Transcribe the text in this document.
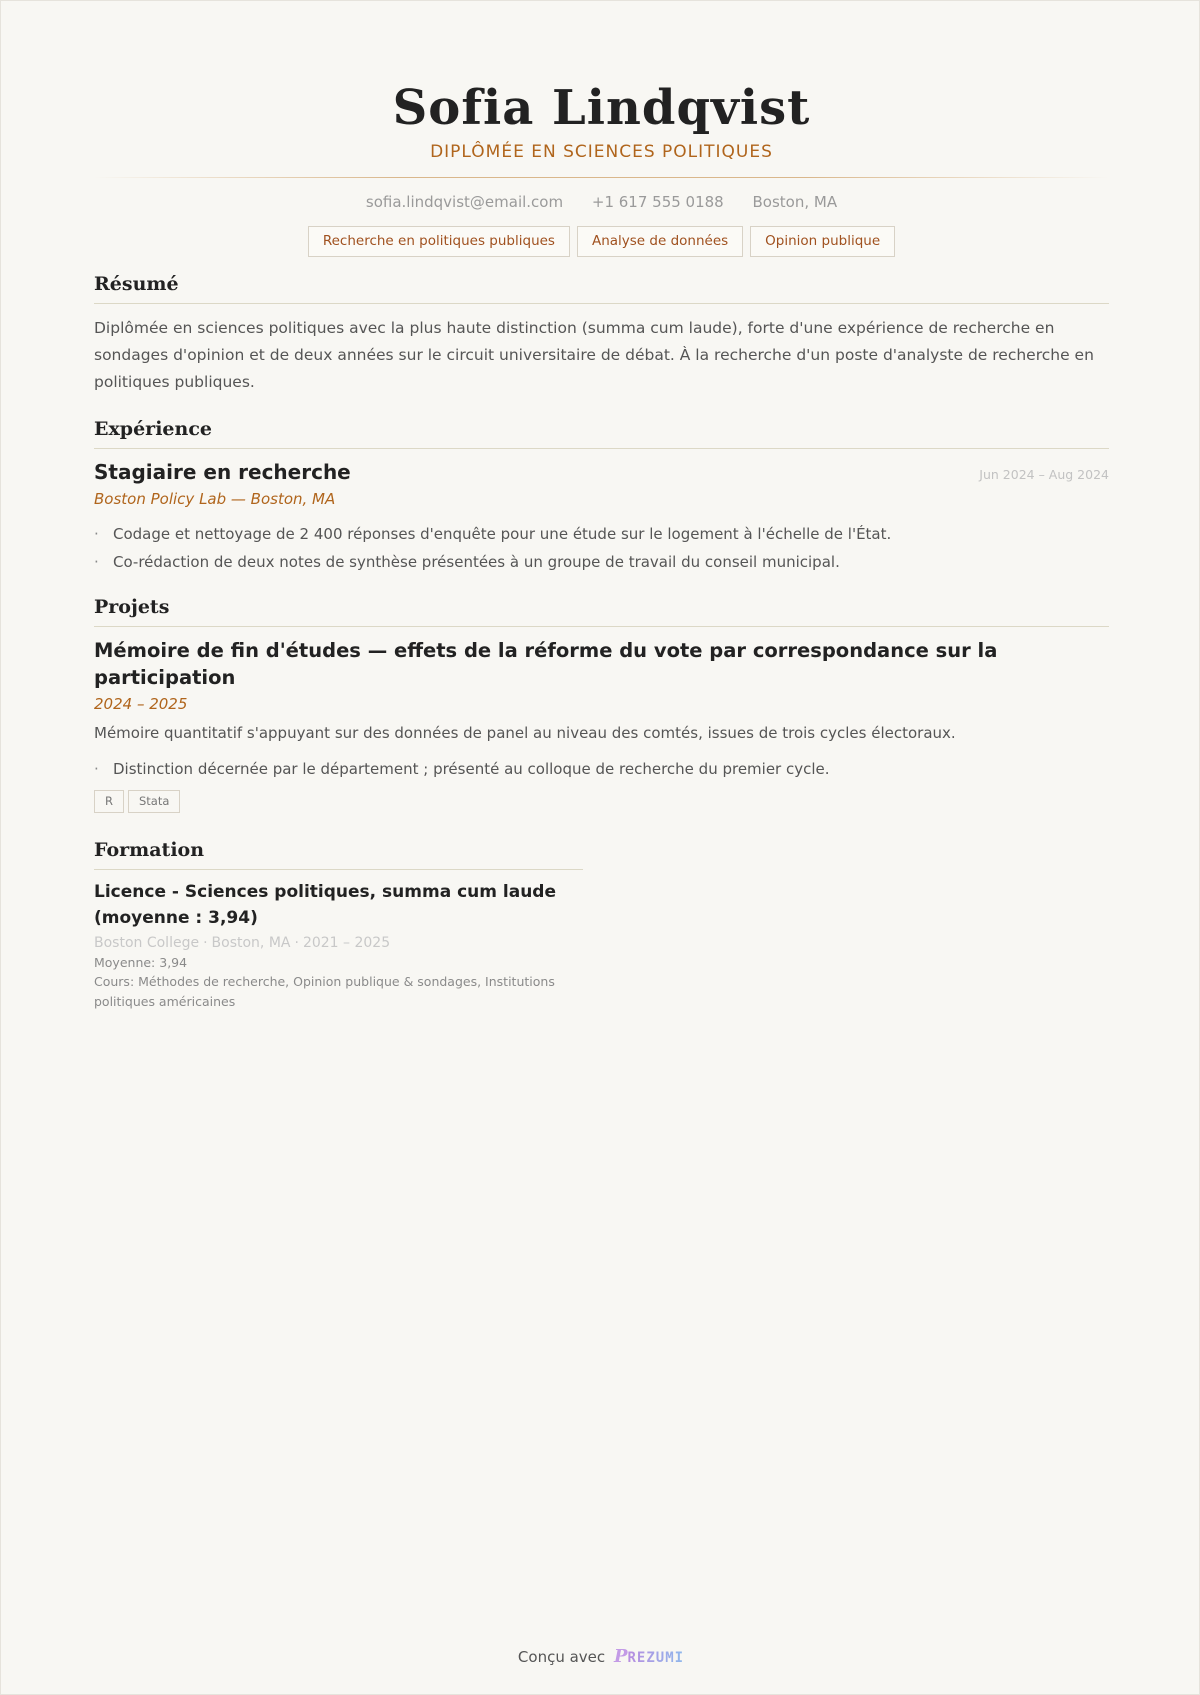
Sofia Lindqvist
DIPLÔMÉE EN SCIENCES POLITIQUES
sofia.lindqvist@email.com +1 617 555 0188 Boston, MA
Recherche en politiques publiques	Analyse de données	Opinion publique
Résumé
Diplômée en sciences politiques avec la plus haute distinction (summa cum laude), forte d'une expérience de recherche en sondages d'opinion et de deux années sur le circuit universitaire de débat. À la recherche d'un poste d'analyste de recherche en politiques publiques.
Expérience
Stagiaire en recherche	Jun 2024 – Aug 2024
Boston Policy Lab — Boston, MA
· Codage et nettoyage de 2 400 réponses d'enquête pour une étude sur le logement à l'échelle de l'État.
· Co-rédaction de deux notes de synthèse présentées à un groupe de travail du conseil municipal.
Projets
Mémoire de fin d'études — effets de la réforme du vote par correspondance sur la participation
2024 – 2025
Mémoire quantitatif s'appuyant sur des données de panel au niveau des comtés, issues de trois cycles électoraux.
· Distinction décernée par le département ; présenté au colloque de recherche du premier cycle.
R	Stata
Formation
Licence - Sciences politiques, summa cum laude (moyenne : 3,94)
Boston College · Boston, MA · 2021 – 2025
Moyenne: 3,94
Cours: Méthodes de recherche, Opinion publique & sondages, Institutions politiques américaines
Conçu avec PREZUMI
